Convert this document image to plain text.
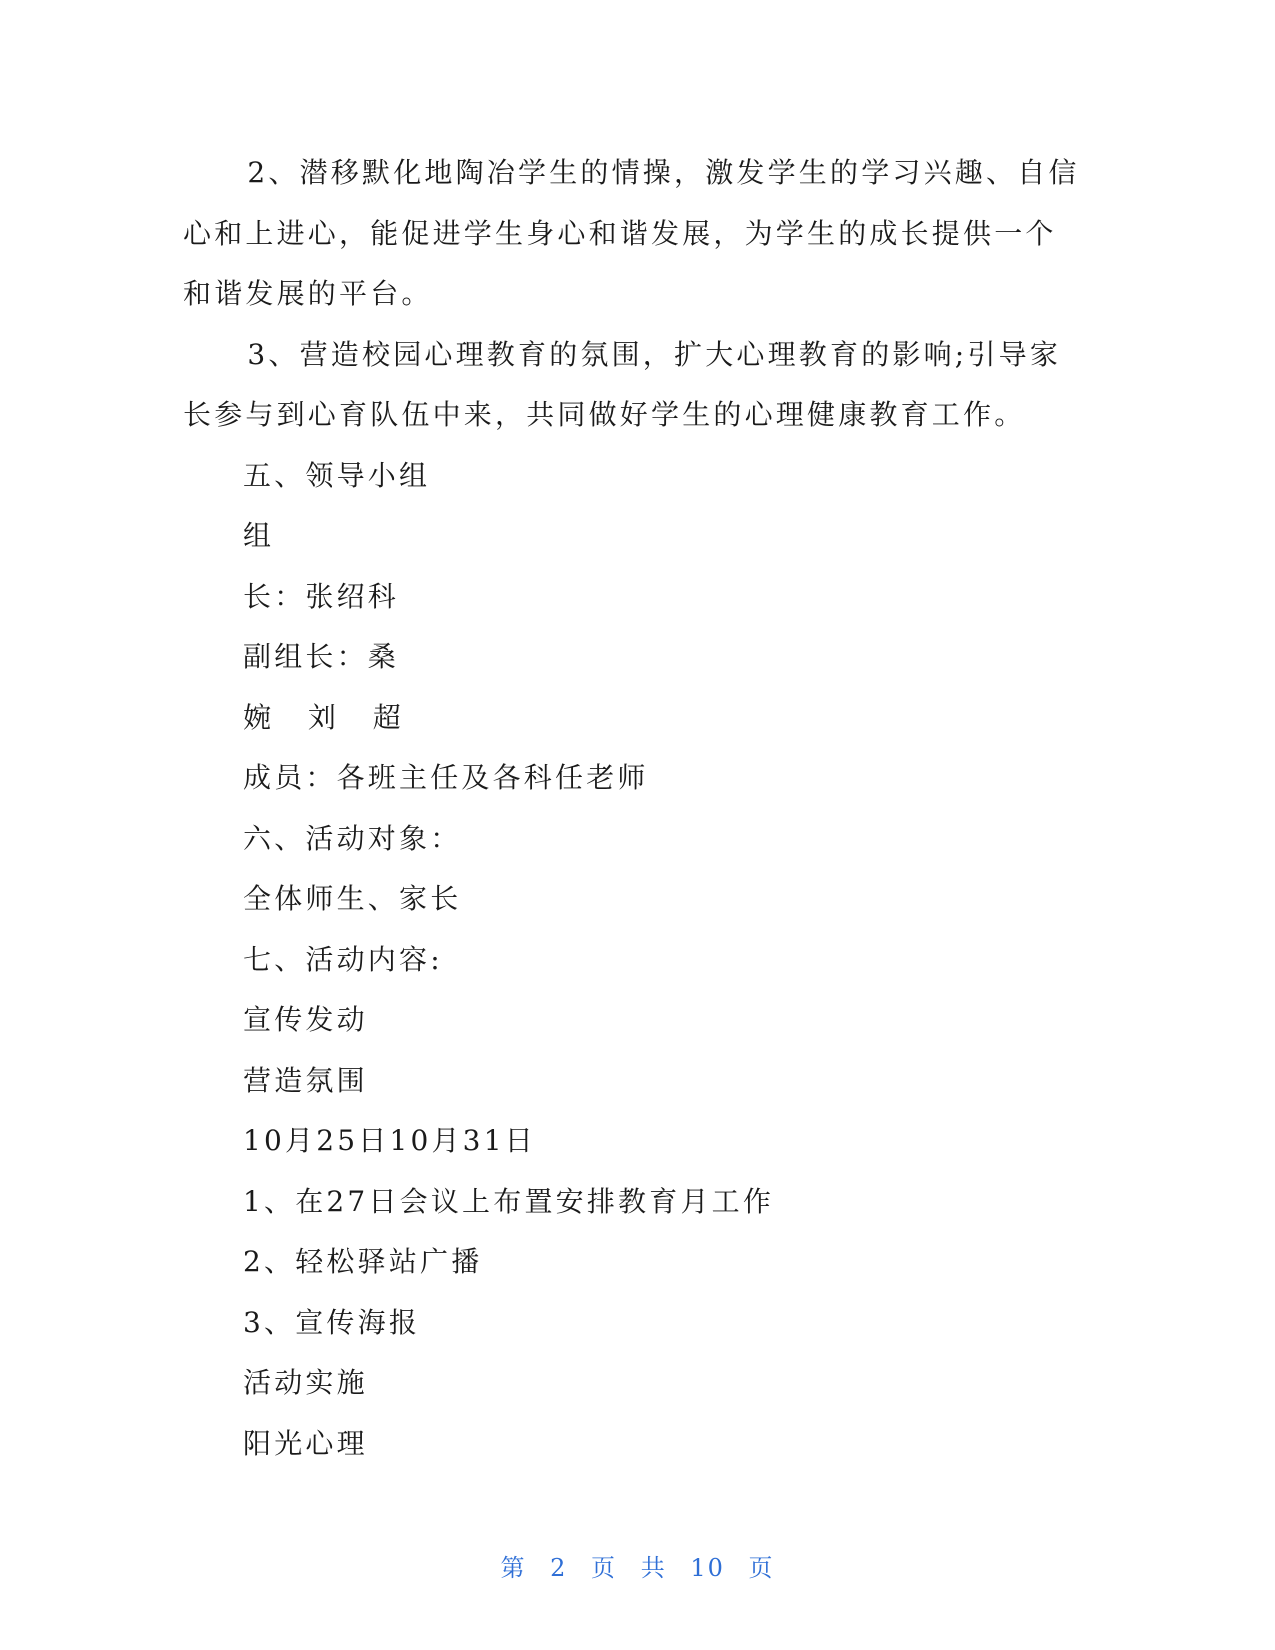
2、潜移默化地陶冶学生的情操，激发学生的学习兴趣、自信心和上进心，能促进学生身心和谐发展，为学生的成长提供一个和谐发展的平台。

3、营造校园心理教育的氛围，扩大心理教育的影响;引导家长参与到心育队伍中来，共同做好学生的心理健康教育工作。

五、领导小组

组

长：张绍科

副组长：桑

婉 刘 超

成员：各班主任及各科任老师

六、活动对象：

全体师生、家长

七、活动内容:

宣传发动

营造氛围

10月25日10月31日

1、在27日会议上布置安排教育月工作

2、轻松驿站广播

3、宣传海报

活动实施

阳光心理

第 2 页 共 10 页
